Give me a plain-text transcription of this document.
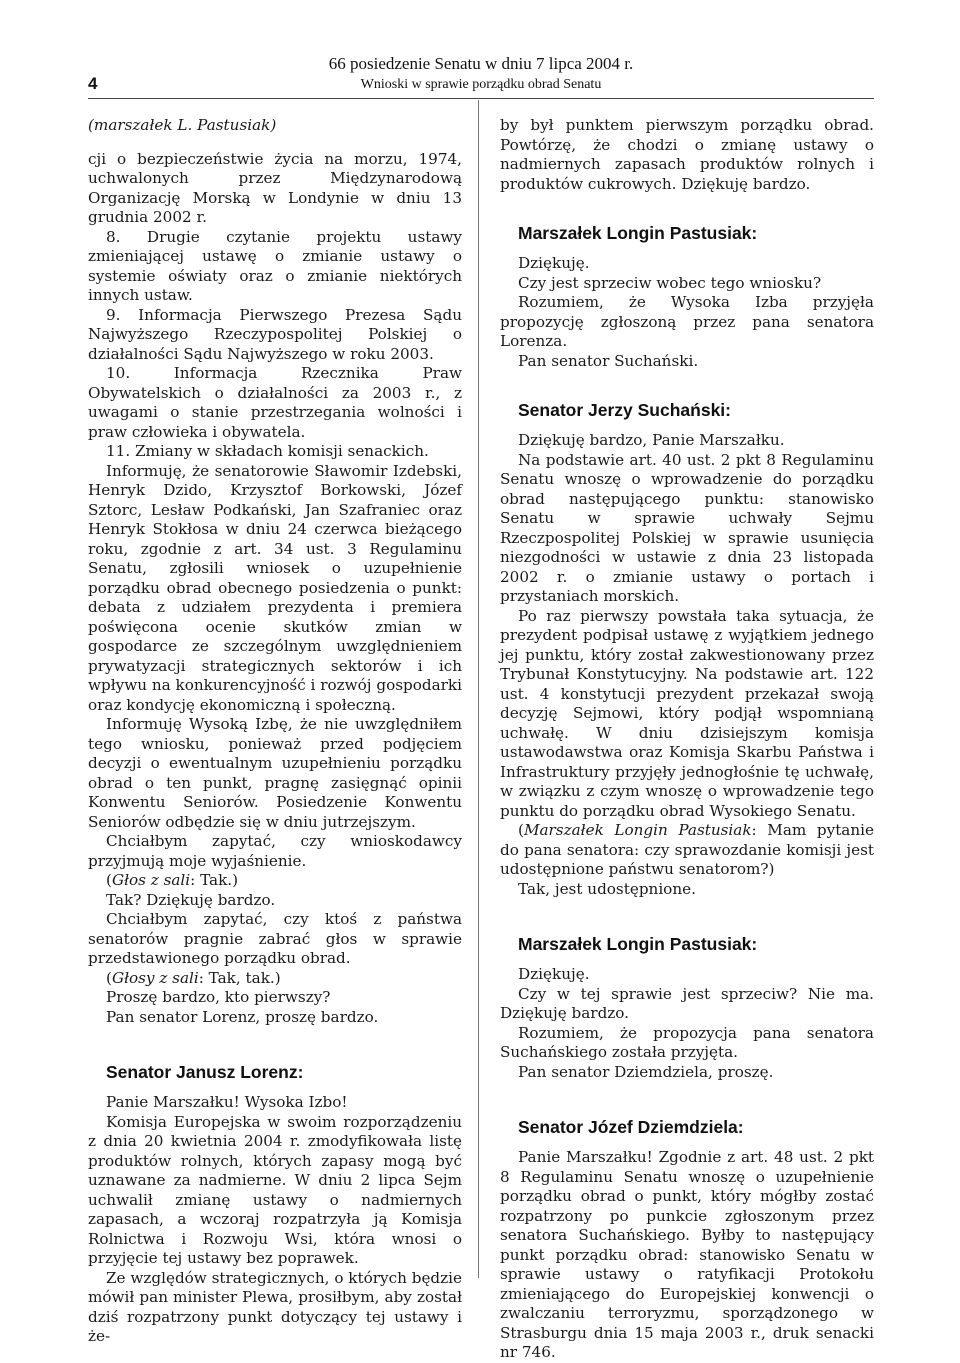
4
66 posiedzenie Senatu w dniu 7 lipca 2004 r.
Wnioski w sprawie porządku obrad Senatu

(marszałek L. Pastusiak)

cji o bezpieczeństwie życia na morzu, 1974, uchwalonych przez Międzynarodową Organizację Morską w Londynie w dniu 13 grudnia 2002 r.

8. Drugie czytanie projektu ustawy zmieniającej ustawę o zmianie ustawy o systemie oświaty oraz o zmianie niektórych innych ustaw.

9. Informacja Pierwszego Prezesa Sądu Najwyższego Rzeczypospolitej Polskiej o działalności Sądu Najwyższego w roku 2003.

10. Informacja Rzecznika Praw Obywatelskich o działalności za 2003 r., z uwagami o stanie przestrzegania wolności i praw człowieka i obywatela.

11. Zmiany w składach komisji senackich.

Informuję, że senatorowie Sławomir Izdebski, Henryk Dzido, Krzysztof Borkowski, Józef Sztorc, Lesław Podkański, Jan Szafraniec oraz Henryk Stokłosa w dniu 24 czerwca bieżącego roku, zgodnie z art. 34 ust. 3 Regulaminu Senatu, zgłosili wniosek o uzupełnienie porządku obrad obecnego posiedzenia o punkt: debata z udziałem prezydenta i premiera poświęcona ocenie skutków zmian w gospodarce ze szczególnym uwzględnieniem prywatyzacji strategicznych sektorów i ich wpływu na konkurencyjność i rozwój gospodarki oraz kondycję ekonomiczną i społeczną.

Informuję Wysoką Izbę, że nie uwzględniłem tego wniosku, ponieważ przed podjęciem decyzji o ewentualnym uzupełnieniu porządku obrad o ten punkt, pragnę zasięgnąć opinii Konwentu Seniorów. Posiedzenie Konwentu Seniorów odbędzie się w dniu jutrzejszym.

Chciałbym zapytać, czy wnioskodawcy przyjmują moje wyjaśnienie.

(Głos z sali: Tak.)

Tak? Dziękuję bardzo.

Chciałbym zapytać, czy ktoś z państwa senatorów pragnie zabrać głos w sprawie przedstawionego porządku obrad.

(Głosy z sali: Tak, tak.)

Proszę bardzo, kto pierwszy?

Pan senator Lorenz, proszę bardzo.

Senator Janusz Lorenz:

Panie Marszałku! Wysoka Izbo!

Komisja Europejska w swoim rozporządzeniu z dnia 20 kwietnia 2004 r. zmodyfikowała listę produktów rolnych, których zapasy mogą być uznawane za nadmierne. W dniu 2 lipca Sejm uchwalił zmianę ustawy o nadmiernych zapasach, a wczoraj rozpatrzyła ją Komisja Rolnictwa i Rozwoju Wsi, która wnosi o przyjęcie tej ustawy bez poprawek.

Ze względów strategicznych, o których będzie mówił pan minister Plewa, prosiłbym, aby został dziś rozpatrzony punkt dotyczący tej ustawy i że-

by był punktem pierwszym porządku obrad. Powtórzę, że chodzi o zmianę ustawy o nadmiernych zapasach produktów rolnych i produktów cukrowych. Dziękuję bardzo.

Marszałek Longin Pastusiak:

Dziękuję.

Czy jest sprzeciw wobec tego wniosku?

Rozumiem, że Wysoka Izba przyjęła propozycję zgłoszoną przez pana senatora Lorenza.

Pan senator Suchański.

Senator Jerzy Suchański:

Dziękuję bardzo, Panie Marszałku.

Na podstawie art. 40 ust. 2 pkt 8 Regulaminu Senatu wnoszę o wprowadzenie do porządku obrad następującego punktu: stanowisko Senatu w sprawie uchwały Sejmu Rzeczpospolitej Polskiej w sprawie usunięcia niezgodności w ustawie z dnia 23 listopada 2002 r. o zmianie ustawy o portach i przystaniach morskich.

Po raz pierwszy powstała taka sytuacja, że prezydent podpisał ustawę z wyjątkiem jednego jej punktu, który został zakwestionowany przez Trybunał Konstytucyjny. Na podstawie art. 122 ust. 4 konstytucji prezydent przekazał swoją decyzję Sejmowi, który podjął wspomnianą uchwałę. W dniu dzisiejszym komisja ustawodawstwa oraz Komisja Skarbu Państwa i Infrastruktury przyjęły jednogłośnie tę uchwałę, w związku z czym wnoszę o wprowadzenie tego punktu do porządku obrad Wysokiego Senatu.

(Marszałek Longin Pastusiak: Mam pytanie do pana senatora: czy sprawozdanie komisji jest udostępnione państwu senatorom?)

Tak, jest udostępnione.

Marszałek Longin Pastusiak:

Dziękuję.

Czy w tej sprawie jest sprzeciw? Nie ma. Dziękuję bardzo.

Rozumiem, że propozycja pana senatora Suchańskiego została przyjęta.

Pan senator Dziemdziela, proszę.

Senator Józef Dziemdziela:

Panie Marszałku! Zgodnie z art. 48 ust. 2 pkt 8 Regulaminu Senatu wnoszę o uzupełnienie porządku obrad o punkt, który mógłby zostać rozpatrzony po punkcie zgłoszonym przez senatora Suchańskiego. Byłby to następujący punkt porządku obrad: stanowisko Senatu w sprawie ustawy o ratyfikacji Protokołu zmieniającego do Europejskiej konwencji o zwalczaniu terroryzmu, sporządzonego w Strasburgu dnia 15 maja 2003 r., druk senacki nr 746.
